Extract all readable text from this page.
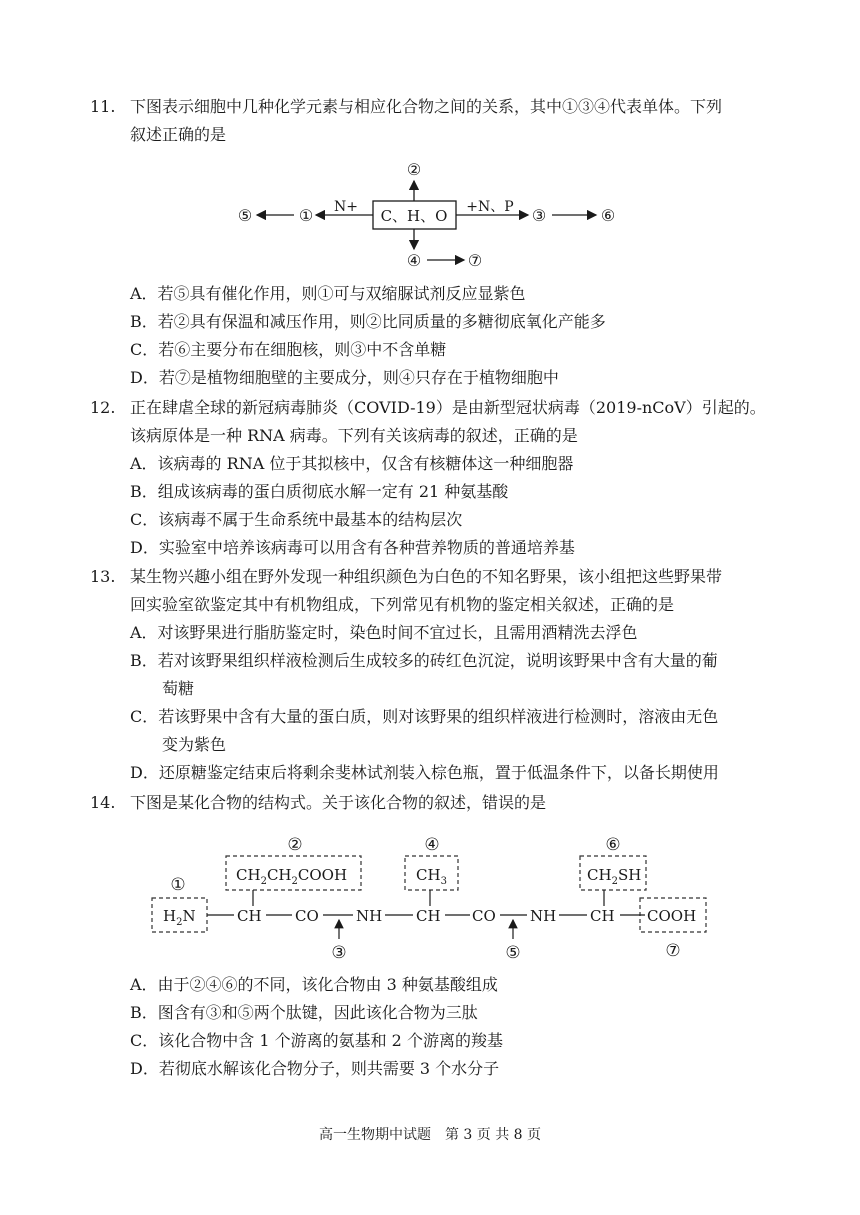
11. 下图表示细胞中几种化学元素与相应化合物之间的关系，其中①③④代表单体。下列
叙述正确的是
C、H、O
②
N+
①
⑤	+N、P ③	⑥
④	⑦
A．若⑤具有催化作用，则①可与双缩脲试剂反应显紫色
B．若②具有保温和减压作用，则②比同质量的多糖彻底氧化产能多
C．若⑥主要分布在细胞核，则③中不含单糖
D．若⑦是植物细胞壁的主要成分，则④只存在于植物细胞中
12. 正在肆虐全球的新冠病毒肺炎（COVID-19）是由新型冠状病毒（2019-nCoV）引起的。
该病原体是一种 RNA 病毒。下列有关该病毒的叙述，正确的是
A．该病毒的 RNA 位于其拟核中，仅含有核糖体这一种细胞器
B．组成该病毒的蛋白质彻底水解一定有 21 种氨基酸
C．该病毒不属于生命系统中最基本的结构层次
D．实验室中培养该病毒可以用含有各种营养物质的普通培养基
13. 某生物兴趣小组在野外发现一种组织颜色为白色的不知名野果，该小组把这些野果带
回实验室欲鉴定其中有机物组成，下列常见有机物的鉴定相关叙述，正确的是
A．对该野果进行脂肪鉴定时，染色时间不宜过长，且需用酒精洗去浮色
B．若对该野果组织样液检测后生成较多的砖红色沉淀，说明该野果中含有大量的葡
萄糖
C．若该野果中含有大量的蛋白质，则对该野果的组织样液进行检测时，溶液由无色
变为紫色
D．还原糖鉴定结束后将剩余斐林试剂装入棕色瓶，置于低温条件下，以备长期使用
14. 下图是某化合物的结构式。关于该化合物的叙述，错误的是
②	④	⑥
①	$CH_2CH_2COOH$	$CH_3$	$CH_2SH$
$H_2N$	CH CO NH CH CO NH CH COOH
③	⑤	⑦
A．由于②④⑥的不同，该化合物由 3 种氨基酸组成
B．图含有③和⑤两个肽键，因此该化合物为三肽
C．该化合物中含 1 个游离的氨基和 2 个游离的羧基
D．若彻底水解该化合物分子，则共需要 3 个水分子
高一生物期中试题　第 3 页 共 8 页
